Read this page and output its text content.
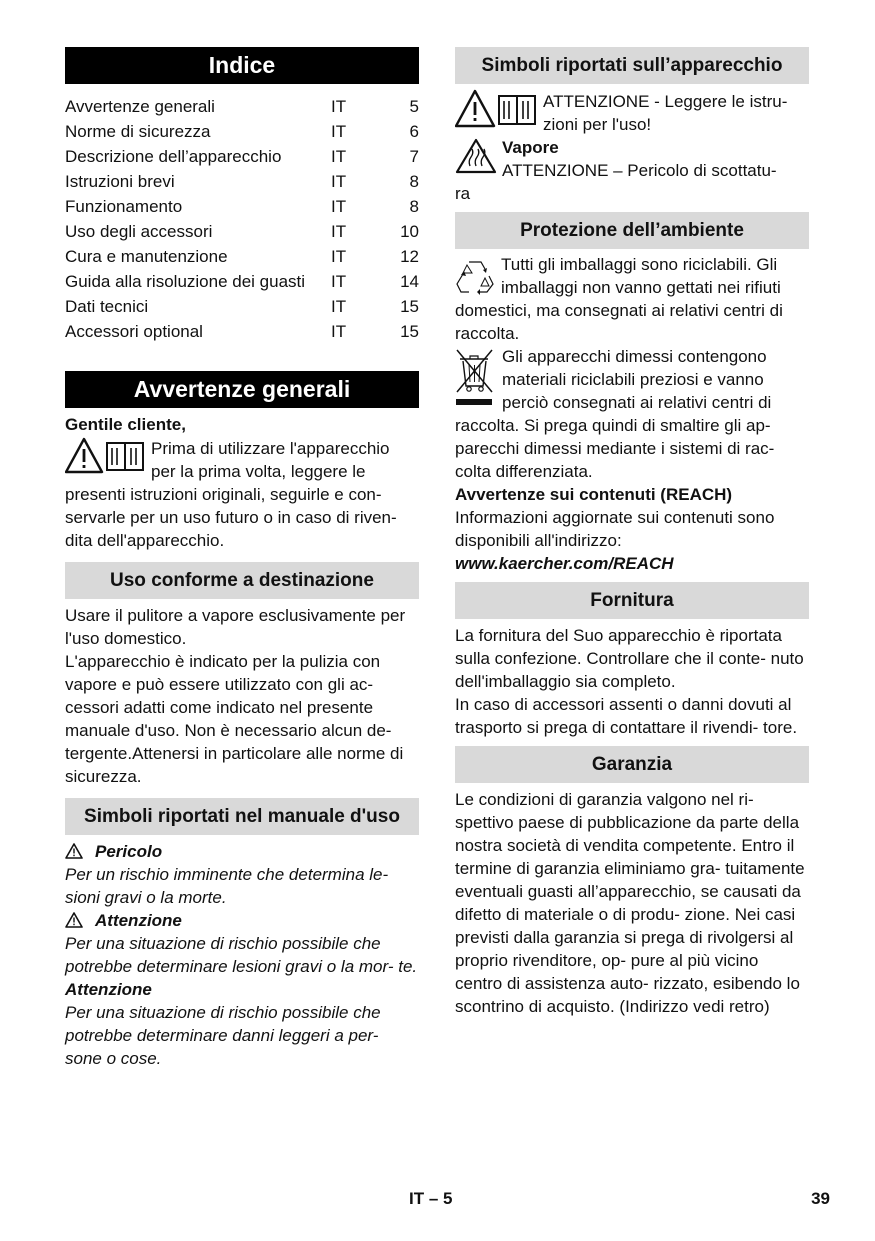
Indice
Avvertenze generali	IT	5
Norme di sicurezza	IT	6
Descrizione dell’apparecchio	IT	7
Istruzioni brevi	IT	8
Funzionamento	IT	8
Uso degli accessori	IT	10
Cura e manutenzione	IT	12
Guida alla risoluzione dei guasti	IT	14
Dati tecnici	IT	15
Accessori optional	IT	15
Avvertenze generali

Gentile cliente,

Prima di utilizzare l'apparecchio

per la prima volta, leggere le

presenti istruzioni originali, seguirle e con- servarle per un uso futuro o in caso di riven- dita dell'apparecchio.

Uso conforme a destinazione

Usare il pulitore a vapore esclusivamente per l'uso domestico.

L'apparecchio è indicato per la pulizia con vapore e può essere utilizzato con gli ac- cessori adatti come indicato nel presente manuale d'uso. Non è necessario alcun de- tergente.Attenersi in particolare alle norme di sicurezza.

Simboli riportati nel manuale d'uso

Pericolo

Per un rischio imminente che determina le- sioni gravi o la morte.

Attenzione

Per una situazione di rischio possibile che potrebbe determinare lesioni gravi o la mor- te.

Attenzione

Per una situazione di rischio possibile che potrebbe determinare danni leggeri a per- sone o cose.

Simboli riportati sull’apparecchio

ATTENZIONE - Leggere le istru- zioni per l'uso!

Vapore

ATTENZIONE – Pericolo di scottatu-

ra

Protezione dell’ambiente

Tutti gli imballaggi sono riciclabili. Gli

imballaggi non vanno gettati nei rifiuti

domestici, ma consegnati ai relativi centri di raccolta.

Gli apparecchi dimessi contengono

materiali riciclabili preziosi e vanno

perciò consegnati ai relativi centri di

raccolta. Si prega quindi di smaltire gli ap- parecchi dimessi mediante i sistemi di rac- colta differenziata.

Avvertenze sui contenuti (REACH)

Informazioni aggiornate sui contenuti sono disponibili all'indirizzo:

www.kaercher.com/REACH

Fornitura

La fornitura del Suo apparecchio è riportata sulla confezione. Controllare che il conte- nuto dell'imballaggio sia completo.

In caso di accessori assenti o danni dovuti al trasporto si prega di contattare il rivendi- tore.

Garanzia

Le condizioni di garanzia valgono nel ri- spettivo paese di pubblicazione da parte della nostra società di vendita competente. Entro il termine di garanzia eliminiamo gra- tuitamente eventuali guasti all’apparecchio, se causati da difetto di materiale o di produ- zione. Nei casi previsti dalla garanzia si prega di rivolgersi al proprio rivenditore, op- pure al più vicino centro di assistenza auto- rizzato, esibendo lo scontrino di acquisto. (Indirizzo vedi retro)

IT – 5	39
